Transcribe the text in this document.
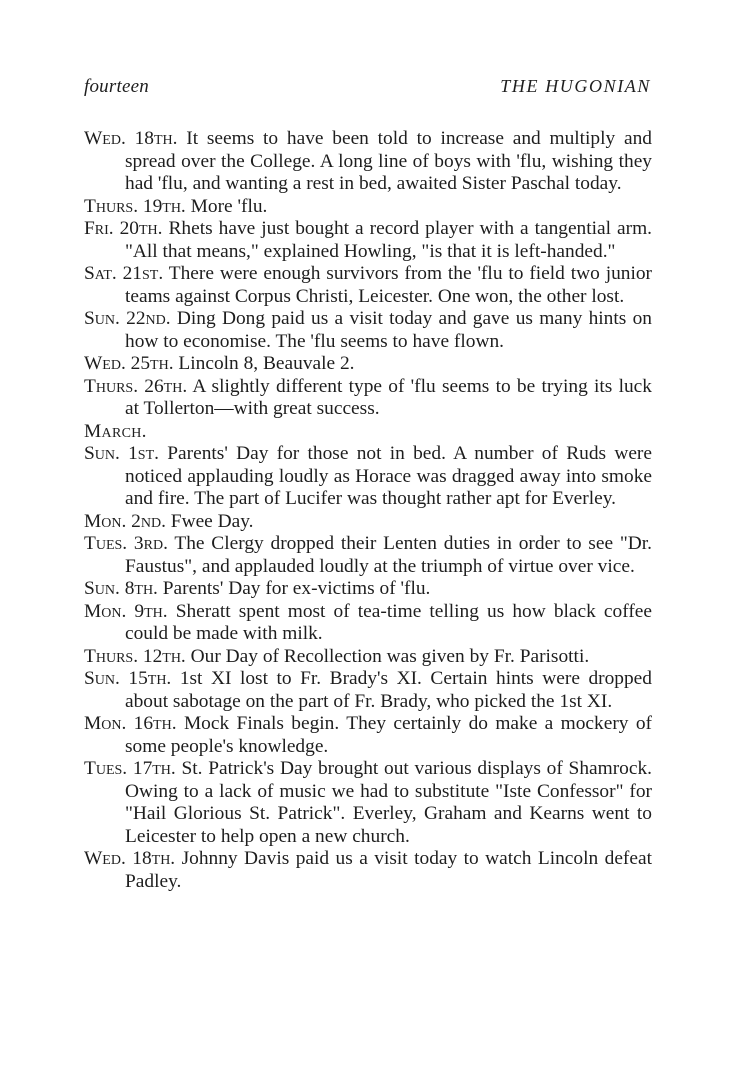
fourteen	THE HUGONIAN

Wed. 18th. It seems to have been told to increase and multiply and spread over the College. A long line of boys with 'flu, wishing they had 'flu, and wanting a rest in bed, awaited Sister Paschal today.

Thurs. 19th. More 'flu.

Fri. 20th. Rhets have just bought a record player with a tangential arm. "All that means," explained Howling, "is that it is left-handed."

Sat. 21st. There were enough survivors from the 'flu to field two junior teams against Corpus Christi, Leicester. One won, the other lost.

Sun. 22nd. Ding Dong paid us a visit today and gave us many hints on how to economise. The 'flu seems to have flown.

Wed. 25th. Lincoln 8, Beauvale 2.

Thurs. 26th. A slightly different type of 'flu seems to be trying its luck at Tollerton—with great success.

March.

Sun. 1st. Parents' Day for those not in bed. A number of Ruds were noticed applauding loudly as Horace was dragged away into smoke and fire. The part of Lucifer was thought rather apt for Everley.

Mon. 2nd. Fwee Day.

Tues. 3rd. The Clergy dropped their Lenten duties in order to see "Dr. Faustus", and applauded loudly at the triumph of virtue over vice.

Sun. 8th. Parents' Day for ex-victims of 'flu.

Mon. 9th. Sheratt spent most of tea-time telling us how black coffee could be made with milk.

Thurs. 12th. Our Day of Recollection was given by Fr. Parisotti.

Sun. 15th. 1st XI lost to Fr. Brady's XI. Certain hints were dropped about sabotage on the part of Fr. Brady, who picked the 1st XI.

Mon. 16th. Mock Finals begin. They certainly do make a mockery of some people's knowledge.

Tues. 17th. St. Patrick's Day brought out various displays of Shamrock. Owing to a lack of music we had to substitute "Iste Confessor" for "Hail Glorious St. Patrick". Everley, Graham and Kearns went to Leicester to help open a new church.

Wed. 18th. Johnny Davis paid us a visit today to watch Lincoln defeat Padley.
